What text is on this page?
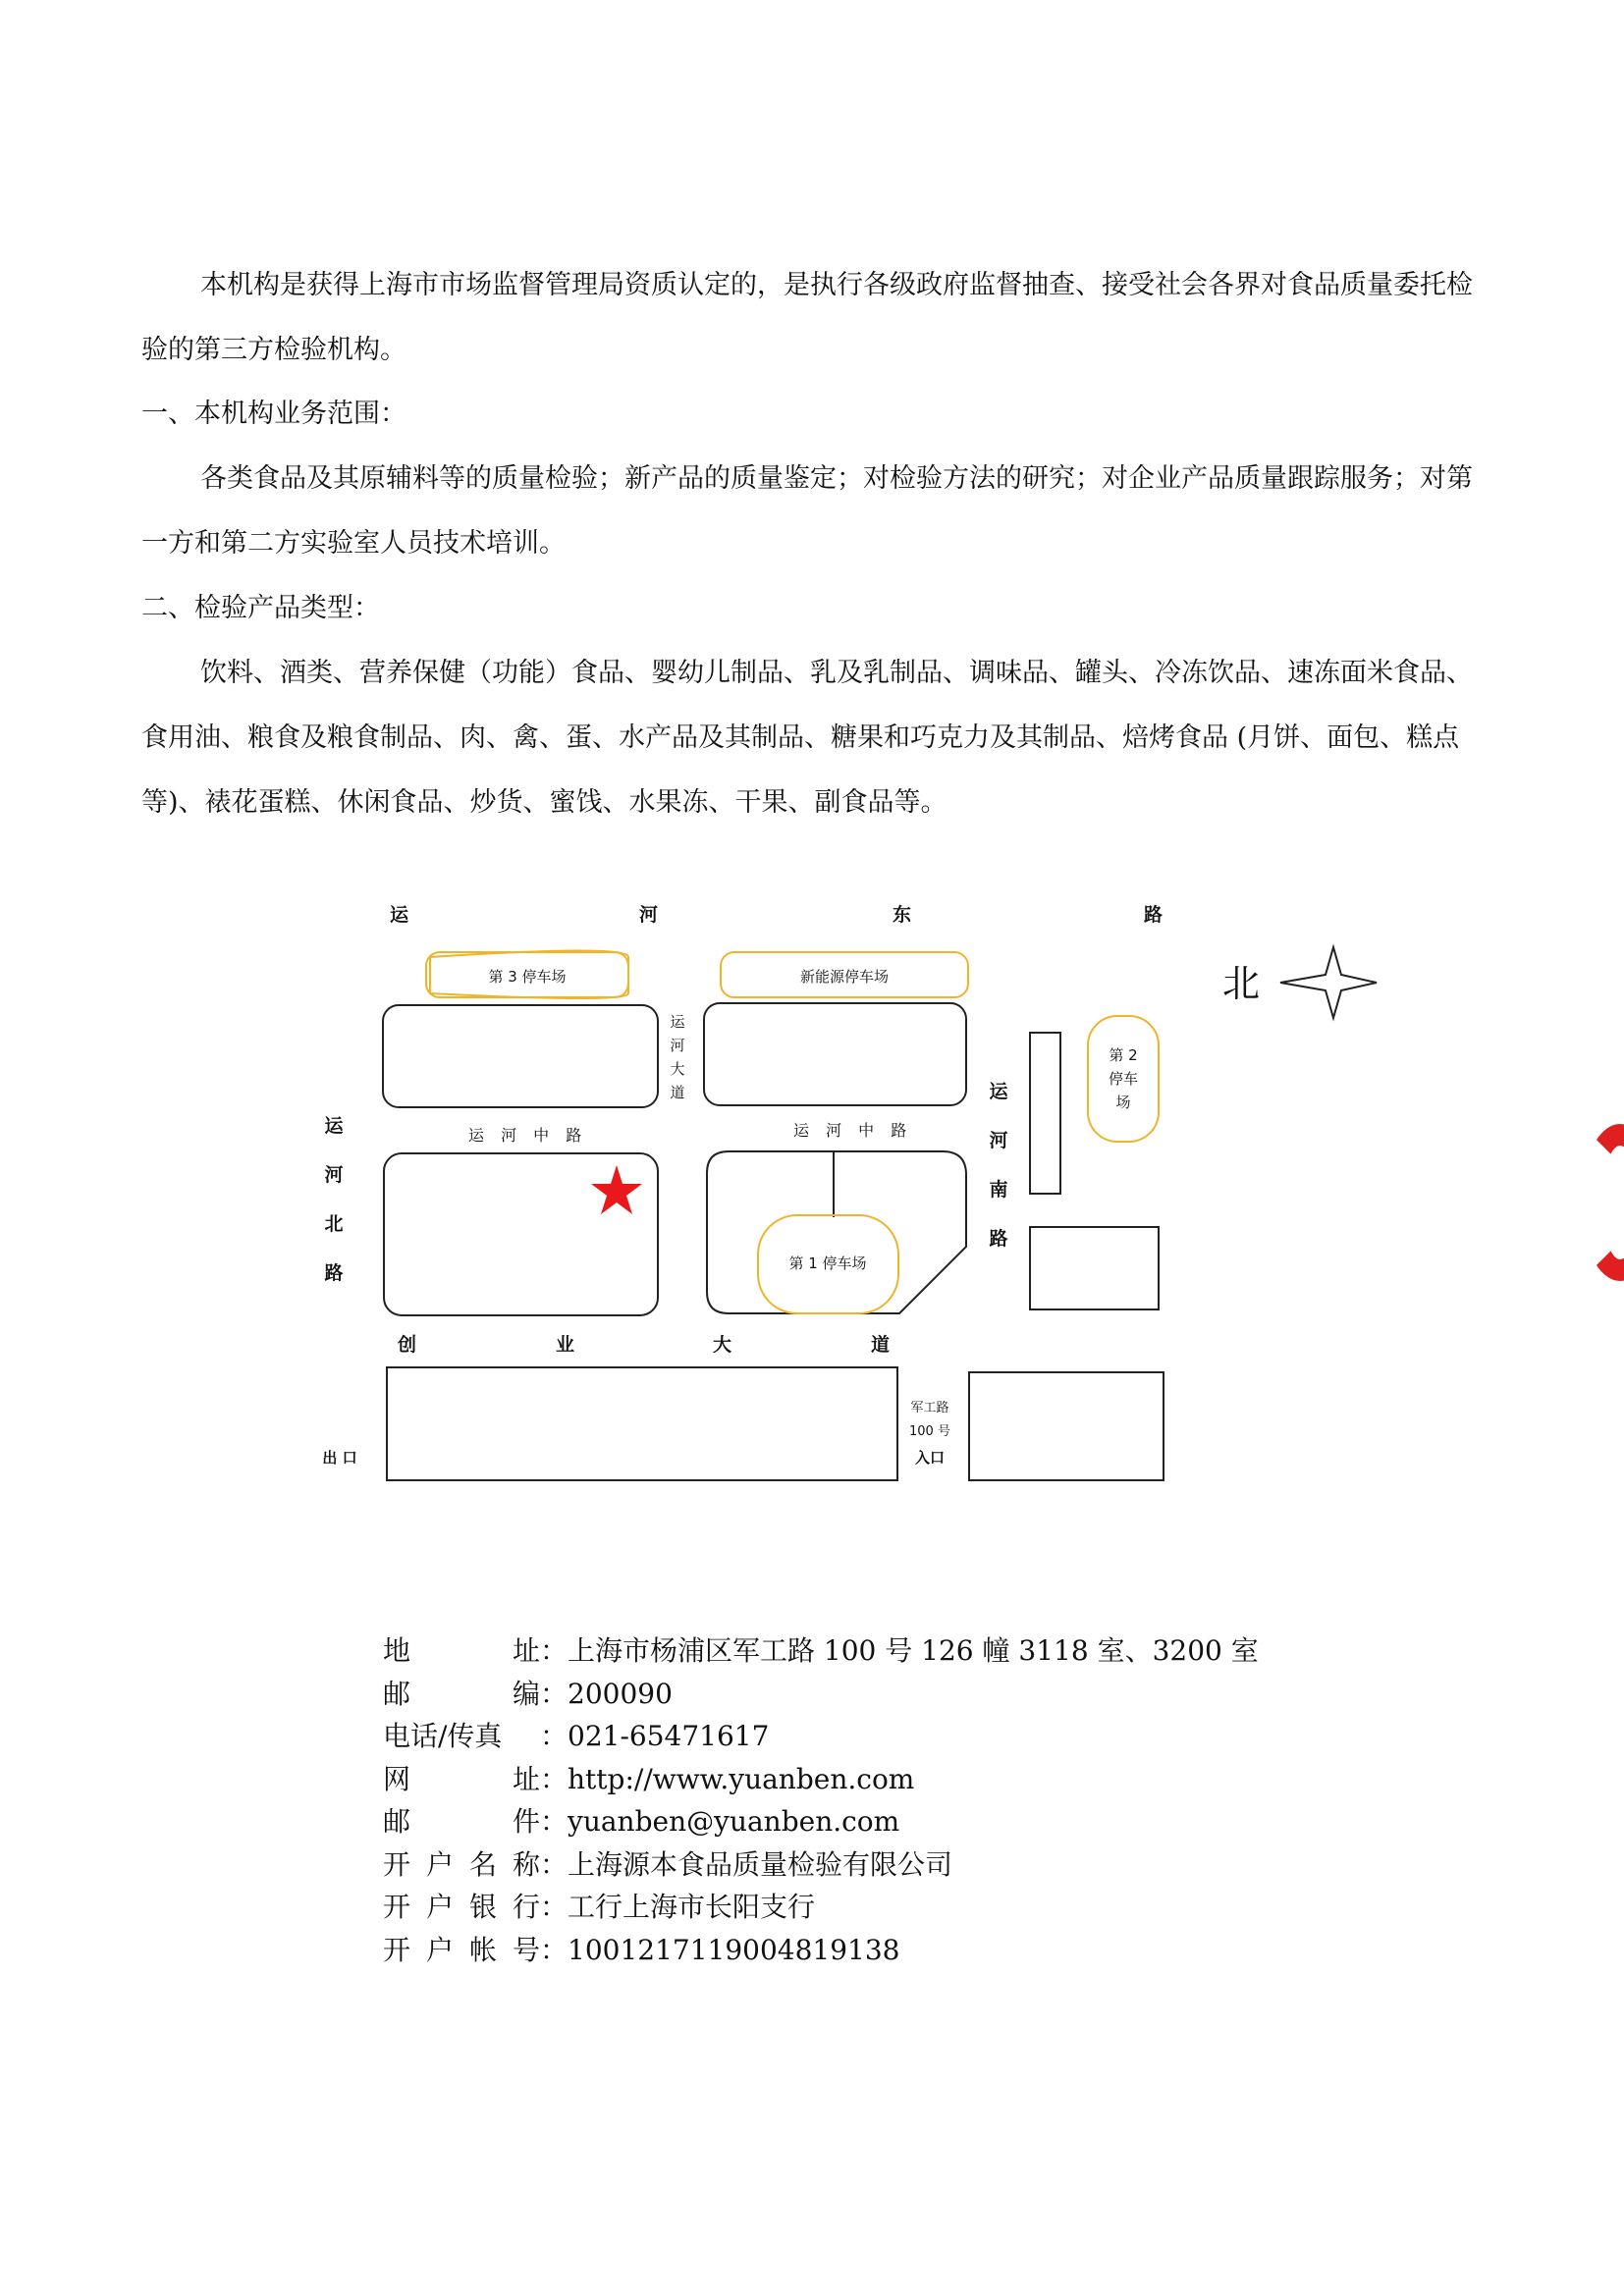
本机构是获得上海市市场监督管理局资质认定的，是执行各级政府监督抽查、接受社会各界对食品质量委托检验的第三方检验机构。

一、本机构业务范围：

各类食品及其原辅料等的质量检验；新产品的质量鉴定；对检验方法的研究；对企业产品质量跟踪服务；对第一方和第二方实验室人员技术培训。

二、检验产品类型：

饮料、酒类、营养保健（功能）食品、婴幼儿制品、乳及乳制品、调味品、罐头、冷冻饮品、速冻面米食品、食用油、粮食及粮食制品、肉、禽、蛋、水产品及其制品、糖果和巧克力及其制品、焙烤食品 (月饼、面包、糕点等)、裱花蛋糕、休闲食品、炒货、蜜饯、水果冻、干果、副食品等。

运	河	东	路
第 3 停车场	新能源停车场
运
河
大
道
运 河 中 路	运 河 中 路
运
河
北
路	第 1 停车场
运
河
南
路
第 2
停车
场
北
创	业	大	道
出 口
军工路
100 号
入口
地	址 ： 上海市杨浦区军工路 100 号 126 幢 3118 室、3200 室
邮	编 ： 200090
电话/传真 ： 021-65471617
网	址 ： http://www.yuanben.com
邮	件 ： yuanben@yuanben.com
开 户 名 称 ： 上海源本食品质量检验有限公司
开 户 银 行 ： 工行上海市长阳支行
开 户 帐 号 ： 1001217119004819138
